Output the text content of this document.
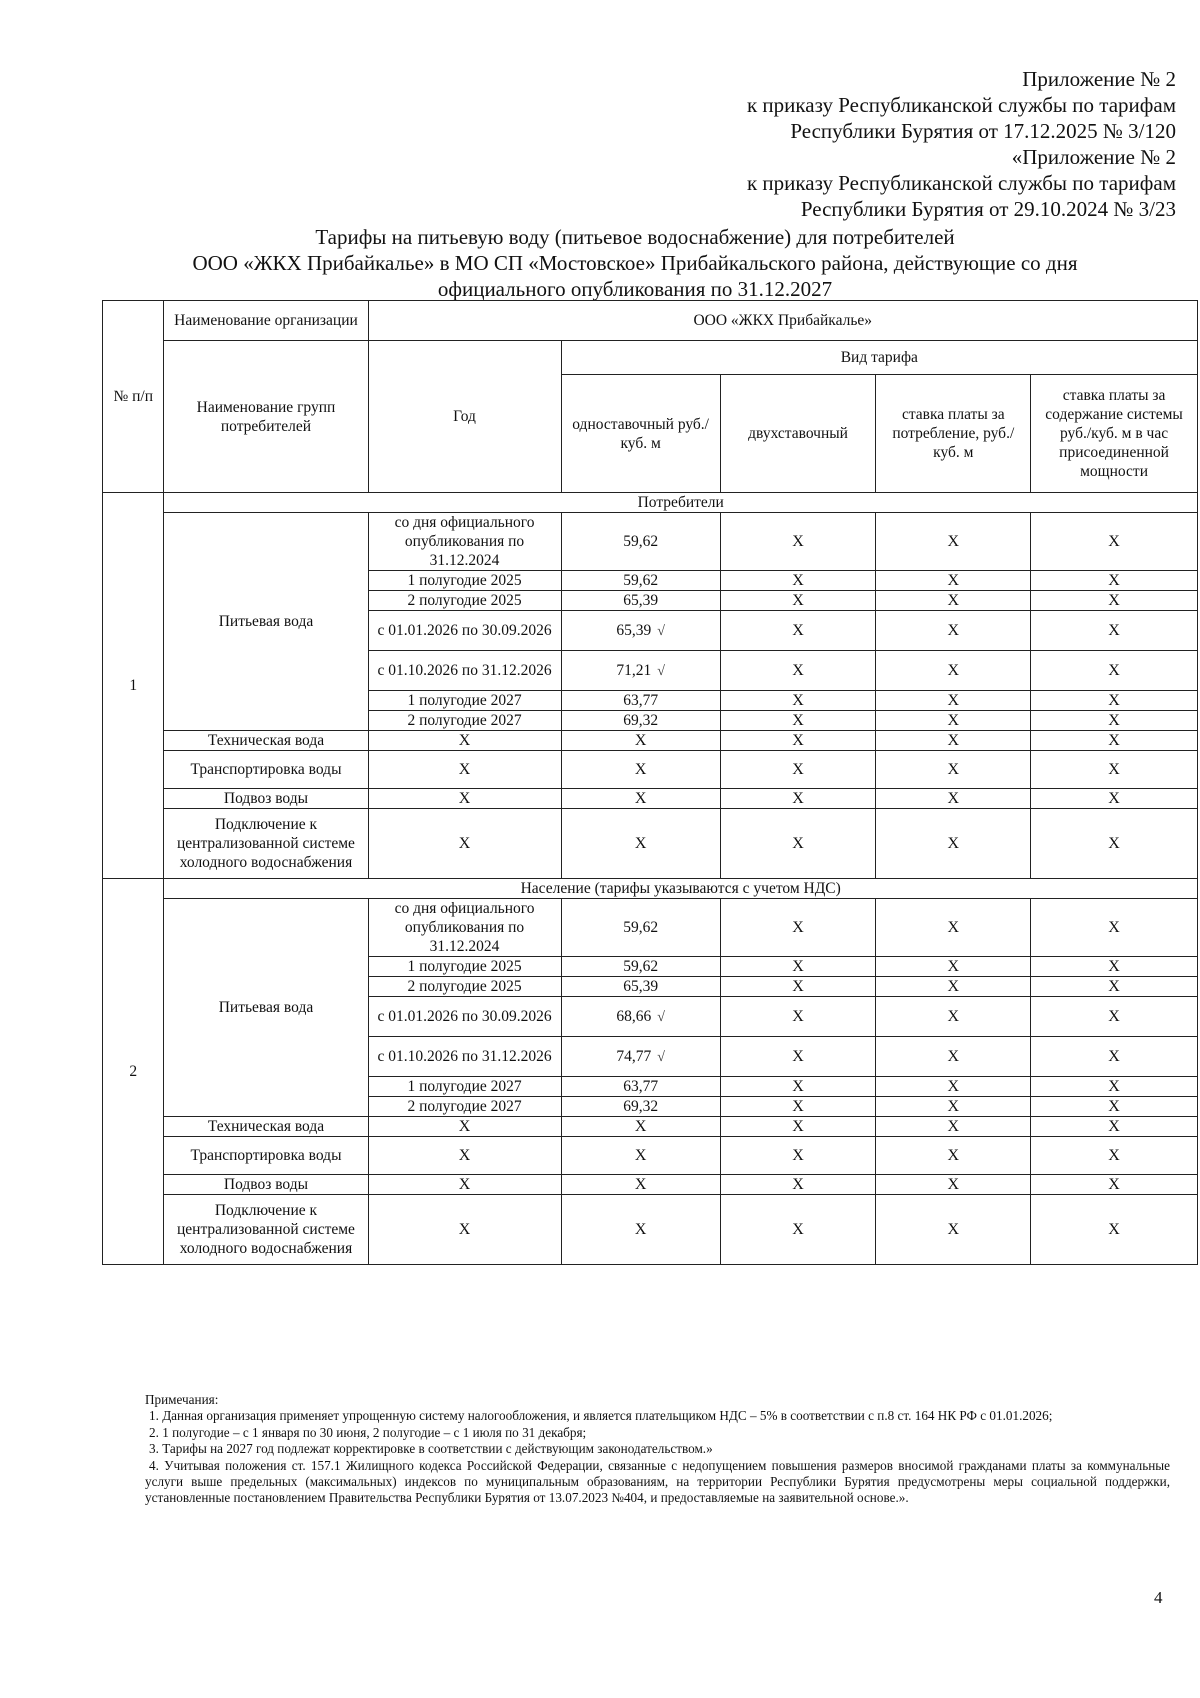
Приложение № 2
к приказу Республиканской службы по тарифам
Республики Бурятия от 17.12.2025 № 3/120
«Приложение № 2
к приказу Республиканской службы по тарифам
Республики Бурятия от 29.10.2024 № 3/23
Тарифы на питьевую воду (питьевое водоснабжение) для потребителей
ООО «ЖКХ Прибайкалье» в МО СП «Мостовское» Прибайкальского района, действующие со дня
официального опубликования по 31.12.2027
№ п/п	Наименование организации	ООО «ЖКХ Прибайкалье»				
	Наименование групп потребителей	Год	Вид тарифа			
			одноставочный руб./ куб. м	двухставочный	ставка платы за потребление, руб./ куб. м	ставка платы за содержание системы руб./куб. м в час присоединенной мощности
1	Потребители					
	Питьевая вода	со дня официального опубликования по 31.12.2024	59,62	X	X	X
		1 полугодие 2025	59,62	X	X	X
		2 полугодие 2025	65,39	X	X	X
		с 01.01.2026 по 30.09.2026	65,39 √	X	X	X
		с 01.10.2026 по 31.12.2026	71,21 √	X	X	X
		1 полугодие 2027	63,77	X	X	X
		2 полугодие 2027	69,32	X	X	X
	Техническая вода	X	X	X	X	X
	Транспортировка воды	X	X	X	X	X
	Подвоз воды	X	X	X	X	X
	Подключение к централизованной системе холодного водоснабжения	X	X	X	X	X
2	Население (тарифы указываются с учетом НДС)					
	Питьевая вода	со дня официального опубликования по 31.12.2024	59,62	X	X	X
		1 полугодие 2025	59,62	X	X	X
		2 полугодие 2025	65,39	X	X	X
		с 01.01.2026 по 30.09.2026	68,66 √	X	X	X
		с 01.10.2026 по 31.12.2026	74,77 √	X	X	X
		1 полугодие 2027	63,77	X	X	X
		2 полугодие 2027	69,32	X	X	X
	Техническая вода	X	X	X	X	X
	Транспортировка воды	X	X	X	X	X
	Подвоз воды	X	X	X	X	X
	Подключение к централизованной системе холодного водоснабжения	X	X	X	X	X

Примечания:

1. Данная организация применяет упрощенную систему налогообложения, и является плательщиком НДС – 5% в соответствии с п.8 ст. 164 НК РФ с 01.01.2026;

2. 1 полугодие – с 1 января по 30 июня, 2 полугодие – с 1 июля по 31 декабря;

3. Тарифы на 2027 год подлежат корректировке в соответствии с действующим законодательством.»

4. Учитывая положения ст. 157.1 Жилищного кодекса Российской Федерации, связанные с недопущением повышения размеров вносимой гражданами платы за коммунальные услуги выше предельных (максимальных) индексов по муниципальным образованиям, на территории Республики Бурятия предусмотрены меры социальной поддержки, установленные постановлением Правительства Республики Бурятия от 13.07.2023 №404, и предоставляемые на заявительной основе.».

4
